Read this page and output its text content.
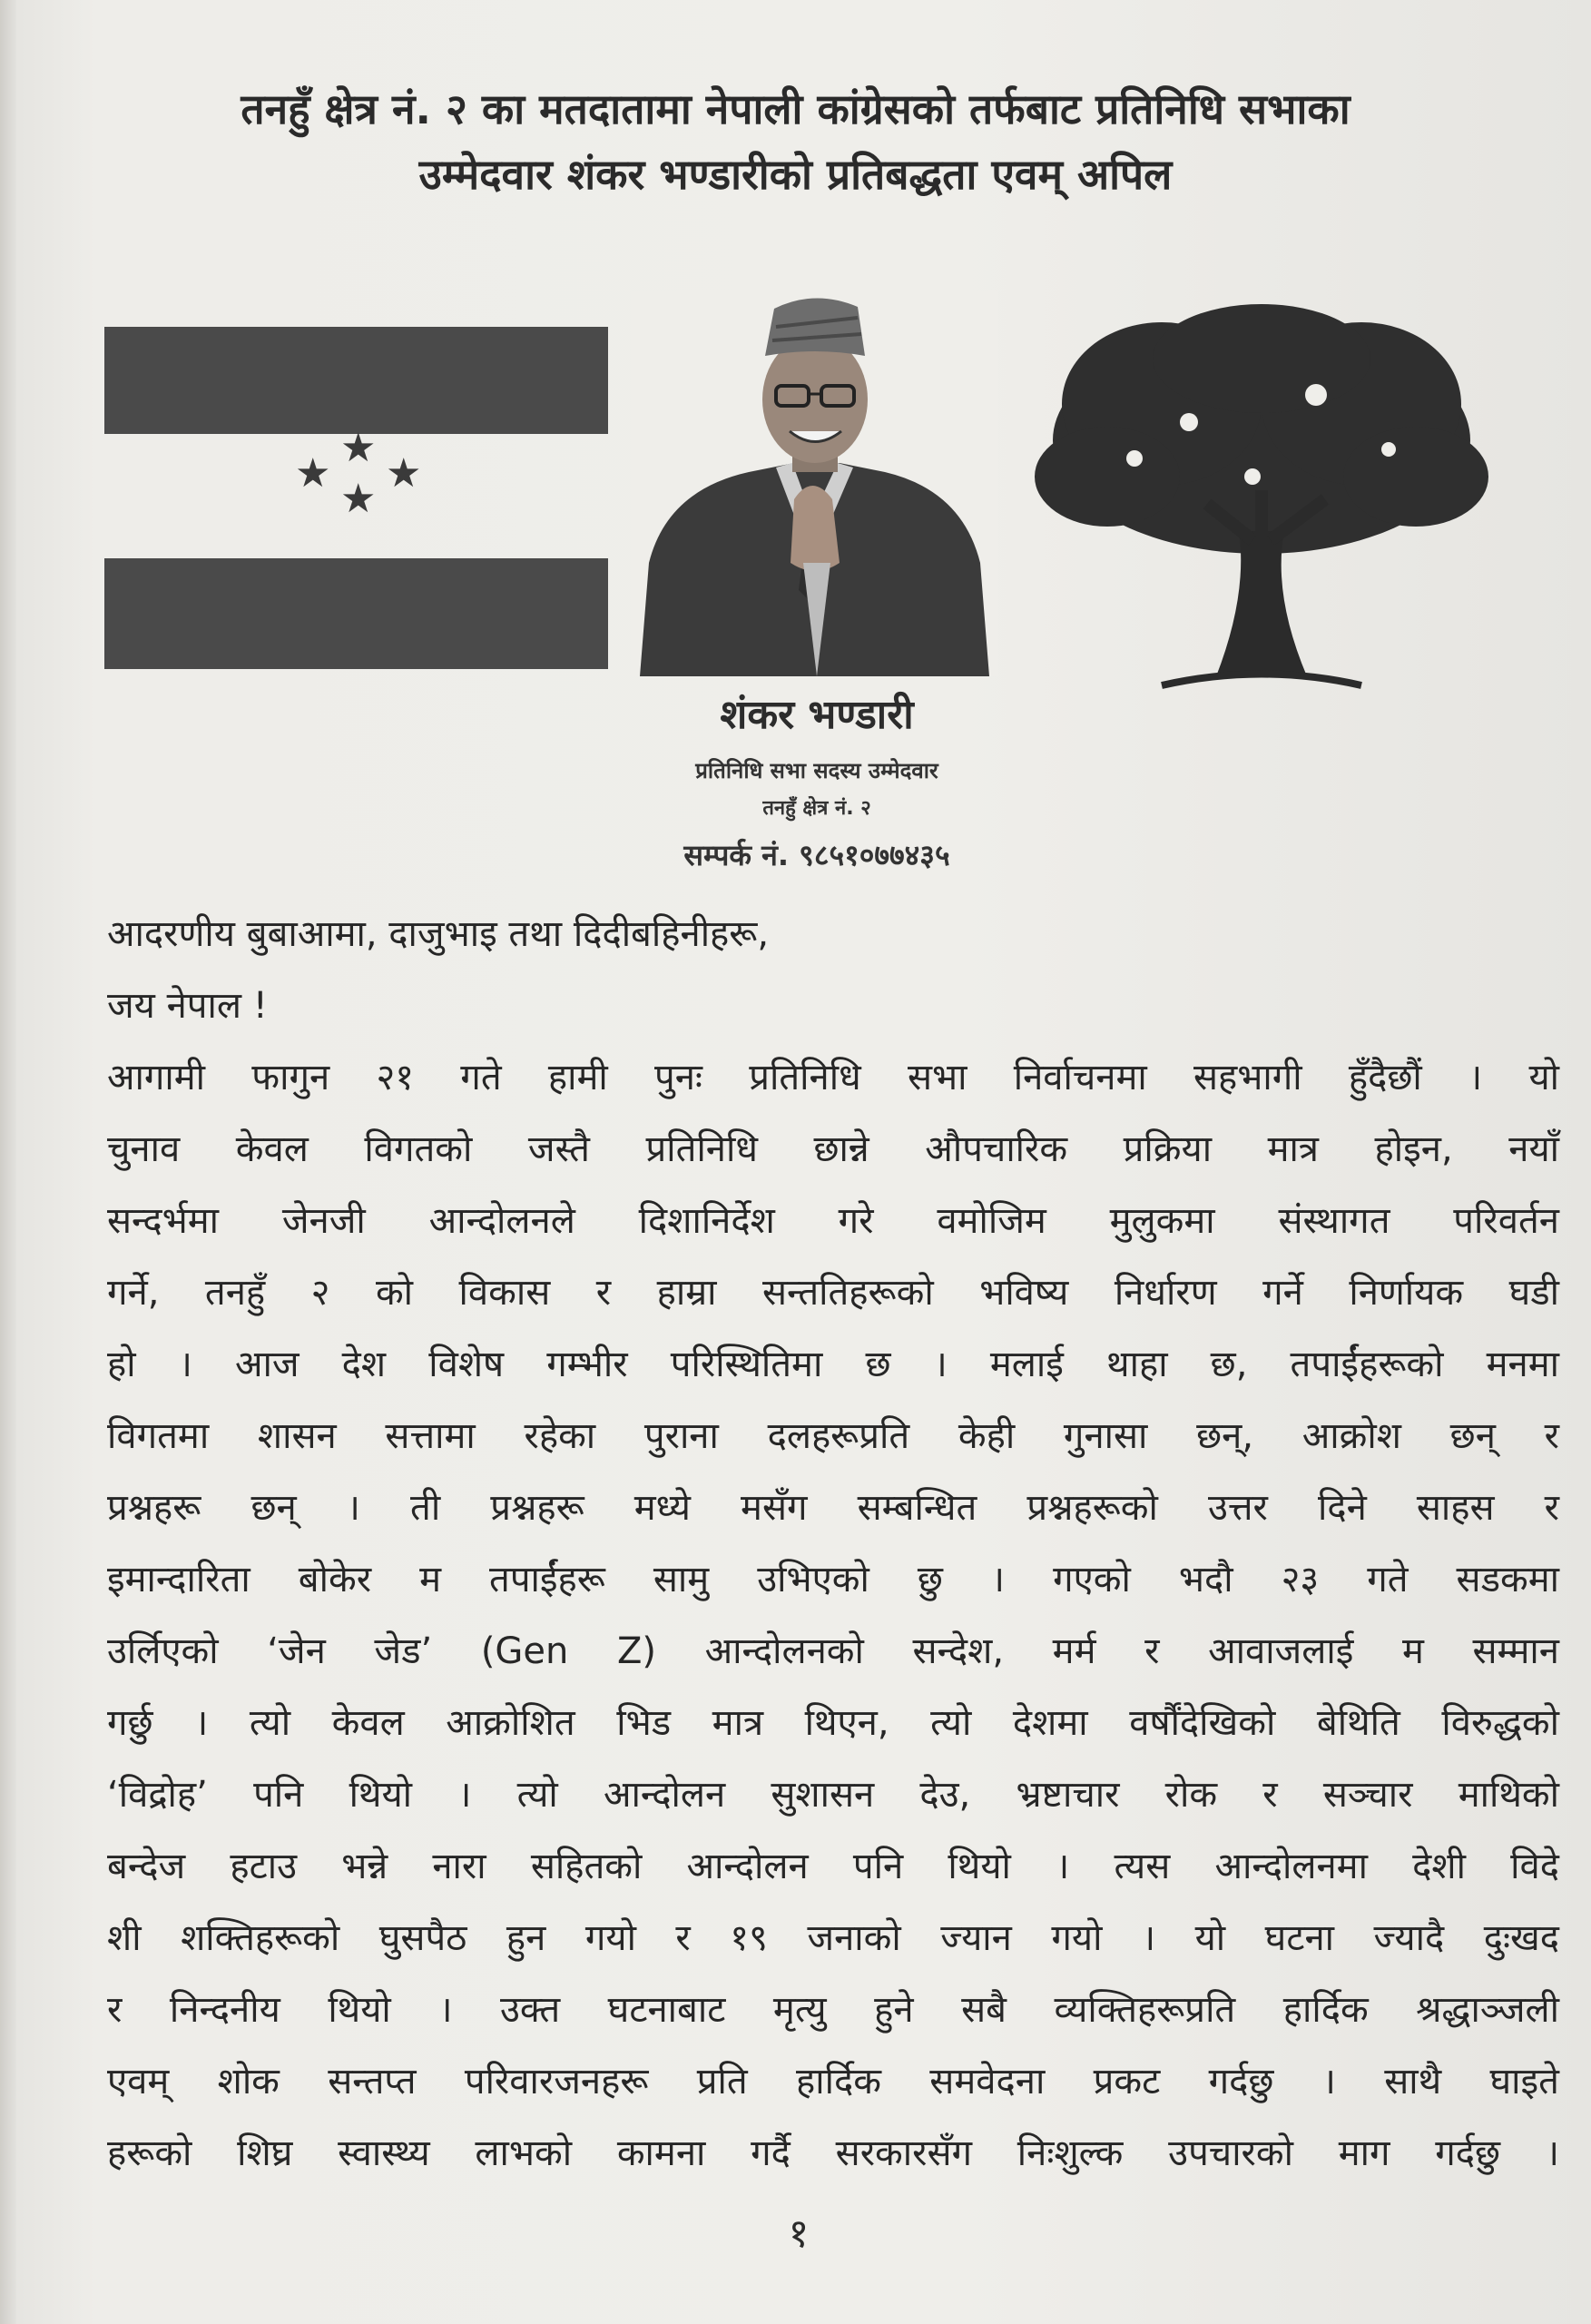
तनहुँ क्षेत्र नं. २ का मतदातामा नेपाली कांग्रेसको तर्फबाट प्रतिनिधि सभाका
उम्मेदवार शंकर भण्डारीको प्रतिबद्धता एवम् अपिल
★
★
★
★
शंकर भण्डारी
प्रतिनिधि सभा सदस्य उम्मेदवार
तनहुँ क्षेत्र नं. २
सम्पर्क नं. ९८५१०७७४३५
आदरणीय बुबाआमा, दाजुभाइ तथा दिदीबहिनीहरू,
जय नेपाल !
आगामी फागुन २१ गते हामी पुनः प्रतिनिधि सभा निर्वाचनमा सहभागी हुँदैछौं । यो
चुनाव केवल विगतको जस्तै प्रतिनिधि छान्ने औपचारिक प्रक्रिया मात्र होइन, नयाँ
सन्दर्भमा जेनजी आन्दोलनले दिशानिर्देश गरे वमोजिम मुलुकमा संस्थागत परिवर्तन
गर्ने, तनहुँ २ को विकास र हाम्रा सन्ततिहरूको भविष्य निर्धारण गर्ने निर्णायक घडी
हो । आज देश विशेष गम्भीर परिस्थितिमा छ । मलाई थाहा छ, तपाईंहरूको मनमा
विगतमा शासन सत्तामा रहेका पुराना दलहरूप्रति केही गुनासा छन्, आक्रोश छन् र
प्रश्नहरू छन् । ती प्रश्नहरू मध्ये मसँग सम्बन्धित प्रश्नहरूको उत्तर दिने साहस र
इमान्दारिता बोकेर म तपाईंहरू सामु उभिएको छु । गएको भदौ २३ गते सडकमा
उर्लिएको ‘जेन जेड’ (Gen Z) आन्दोलनको सन्देश, मर्म र आवाजलाई म सम्मान
गर्छु । त्यो केवल आक्रोशित भिड मात्र थिएन, त्यो देशमा वर्षौंदेखिको बेथिति विरुद्धको
‘विद्रोह’ पनि थियो । त्यो आन्दोलन सुशासन देउ, भ्रष्टाचार रोक र सञ्चार माथिको
बन्देज हटाउ भन्ने नारा सहितको आन्दोलन पनि थियो । त्यस आन्दोलनमा देशी विदे
शी शक्तिहरूको घुसपैठ हुन गयो र १९ जनाको ज्यान गयो । यो घटना ज्यादै दुःखद
र निन्दनीय थियो । उक्त घटनाबाट मृत्यु हुने सबै व्यक्तिहरूप्रति हार्दिक श्रद्धाञ्जली
एवम् शोक सन्तप्त परिवारजनहरू प्रति हार्दिक समवेदना प्रकट गर्दछु । साथै घाइते
हरूको शिघ्र स्वास्थ्य लाभको कामना गर्दै सरकारसँग निःशुल्क उपचारको माग गर्दछु ।
१
